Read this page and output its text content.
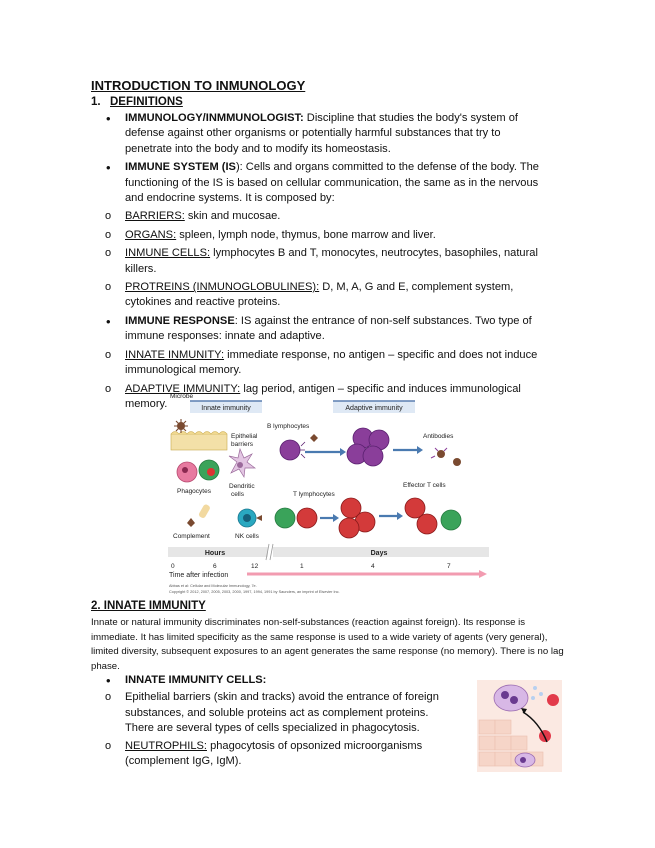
INTRODUCTION TO INMUNOLOGY
1. DEFINITIONS
• IMMUNOLOGY/INMMUNOLOGIST: Discipline that studies the body's system of
defense against other organisms or potentially harmful substances that try to
penetrate into the body and to modify its homeostasis.
• IMMUNE SYSTEM (IS): Cells and organs committed to the defense of the body. The
functioning of the IS is based on cellular communication, the same as in the nervous
and endocrine systems. It is composed by:
o BARRIERS: skin and mucosae.
o ORGANS: spleen, lymph node, thymus, bone marrow and liver.
o INMUNE CELLS: lymphocytes B and T, monocytes, neutrocytes, basophiles, natural
killers.
o PROTREINS (INMUNOGLOBULINES): D, M, A, G and E, complement system,
cytokines and reactive proteins.
• IMMUNE RESPONSE: IS against the entrance of non-self substances. Two type of
immune responses: innate and adaptive.
o INNATE INMUNITY: immediate response, no antigen – specific and does not induce
immunological memory.
o ADAPTIVE IMMUNITY: lag period, antigen – specific and induces immunological
memory.
Microbe
Innate immunity	Adaptive immunity
Epithelial
barriers
Phagocytes
Dendritic
cells
Complement	NK cells
B lymphocytes
Antibodies
T lymphocytes
Effector T cells
Hours	Days
0	6	12	1	4	7
Time after infection
Abbas et al: Cellular and Molecular Immunology, 7e.
Copyright © 2012, 2007, 2005, 2003, 2000, 1997, 1994, 1991 by Saunders, an imprint of Elsevier Inc.
2. INNATE IMMUNITY

Innate or natural immunity discriminates non-self-substances (reaction against foreign). Its response is immediate. It has limited specificity as the same response is used to a wide variety of agents (very general), limited diversity, subsequent exposures to an agent generates the same response (no memory). There is no lag phase.

• INNATE IMMUNITY CELLS:
o Epithelial barriers (skin and tracks) avoid the entrance of foreign
substances, and soluble proteins act as complement proteins.
There are several types of cells specialized in phagocytosis.
o NEUTROPHILS: phagocytosis of opsonized microorganisms
(complement IgG, IgM).
